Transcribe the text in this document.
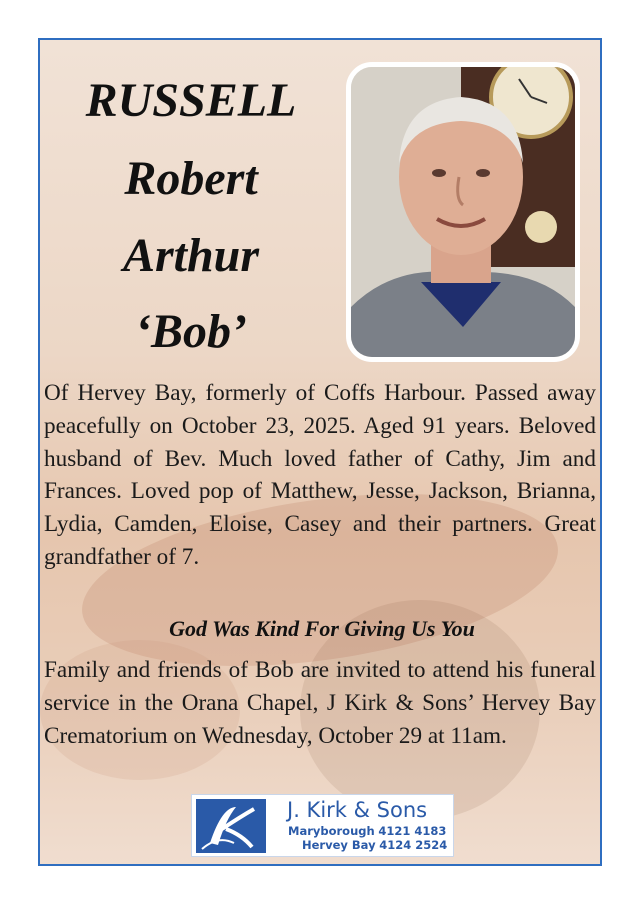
RUSSELL
Robert
Arthur
‘Bob’

Of Hervey Bay, formerly of Coffs Harbour. Passed away peacefully on October 23, 2025. Aged 91 years. Beloved husband of Bev. Much loved father of Cathy, Jim and Frances. Loved pop of Matthew, Jesse, Jackson, Brianna, Lydia, Camden, Eloise, Casey and their partners. Great grandfather of 7.

God Was Kind For Giving Us You

Family and friends of Bob are invited to attend his funeral service in the Orana Chapel, J Kirk & Sons’ Hervey Bay Crematorium on Wednesday, October 29 at 11am.

J. Kirk & Sons
Maryborough 4121 4183
Hervey Bay 4124 2524
